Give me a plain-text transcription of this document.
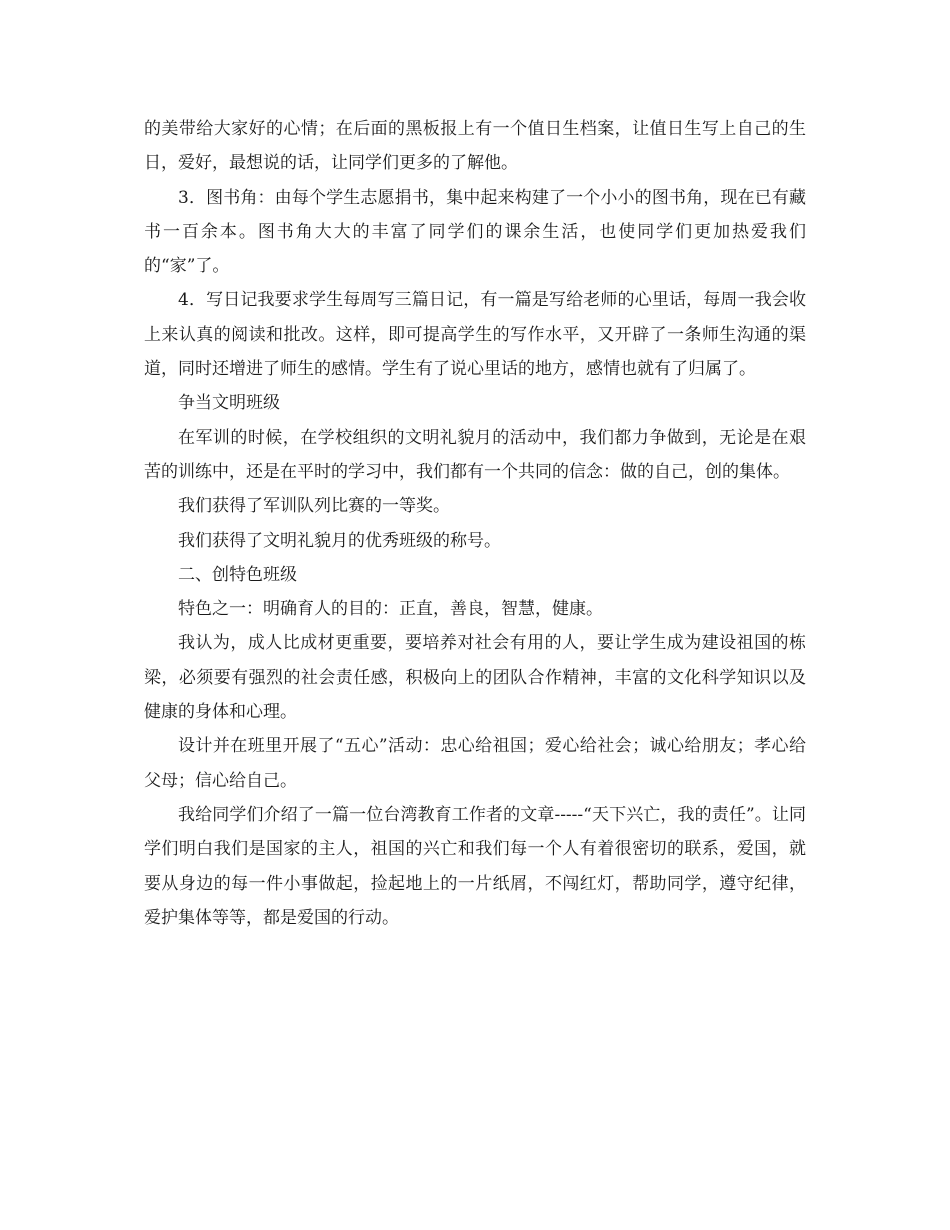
的美带给大家好的心情；在后面的黑板报上有一个值日生档案，让值日生写上自己的生日，爱好，最想说的话，让同学们更多的了解他。

3．图书角：由每个学生志愿捐书，集中起来构建了一个小小的图书角，现在已有藏书一百余本。图书角大大的丰富了同学们的课余生活，也使同学们更加热爱我们的“家”了。

4．写日记我要求学生每周写三篇日记，有一篇是写给老师的心里话，每周一我会收上来认真的阅读和批改。这样，即可提高学生的写作水平，又开辟了一条师生沟通的渠道，同时还增进了师生的感情。学生有了说心里话的地方，感情也就有了归属了。

争当文明班级

在军训的时候，在学校组织的文明礼貌月的活动中，我们都力争做到，无论是在艰苦的训练中，还是在平时的学习中，我们都有一个共同的信念：做的自己，创的集体。

我们获得了军训队列比赛的一等奖。

我们获得了文明礼貌月的优秀班级的称号。

二、创特色班级

特色之一：明确育人的目的：正直，善良，智慧，健康。

我认为，成人比成材更重要，要培养对社会有用的人，要让学生成为建设祖国的栋梁，必须要有强烈的社会责任感，积极向上的团队合作精神，丰富的文化科学知识以及健康的身体和心理。

设计并在班里开展了“五心”活动：忠心给祖国；爱心给社会；诚心给朋友；孝心给父母；信心给自己。

我给同学们介绍了一篇一位台湾教育工作者的文章-----“天下兴亡，我的责任”。让同学们明白我们是国家的主人，祖国的兴亡和我们每一个人有着很密切的联系，爱国，就要从身边的每一件小事做起，捡起地上的一片纸屑，不闯红灯，帮助同学，遵守纪律，爱护集体等等，都是爱国的行动。
